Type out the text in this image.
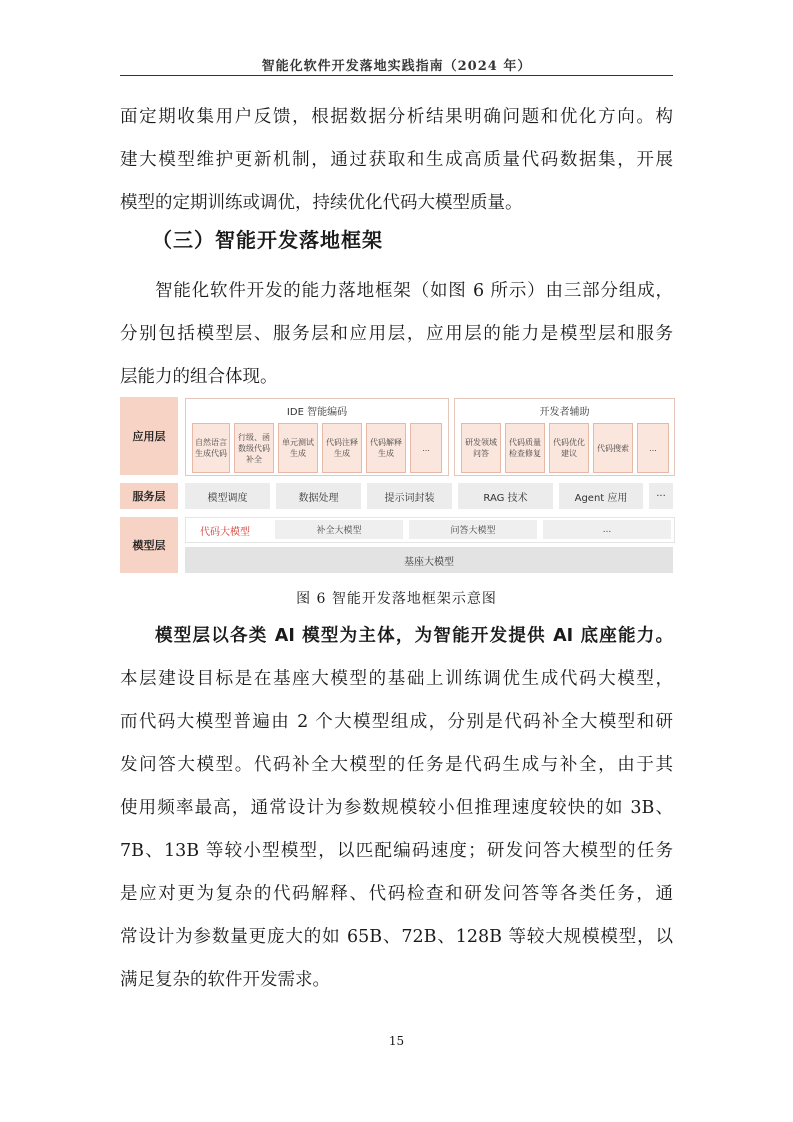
智能化软件开发落地实践指南（2024 年）
面定期收集用户反馈，根据数据分析结果明确问题和优化方向。构
建大模型维护更新机制，通过获取和生成高质量代码数据集，开展
模型的定期训练或调优，持续优化代码大模型质量。
（三）智能开发落地框架
智能化软件开发的能力落地框架（如图 6 所示）由三部分组成，
分别包括模型层、服务层和应用层，应用层的能力是模型层和服务
层能力的组合体现。
应用层
IDE 智能编码
自然语言
生成代码
行级、函
数级代码
补全
单元测试
生成
代码注释
生成
代码解释
生成
...
开发者辅助
研发领域
问答
代码质量
检查修复
代码优化
建议
代码搜索	...
服务层	模型调度	数据处理	提示词封装	RAG 技术	Agent 应用	···
模型层
代码大模型	补全大模型	问答大模型	...
基座大模型
图 6 智能开发落地框架示意图
模型层以各类 AI 模型为主体，为智能开发提供 AI 底座能力。
本层建设目标是在基座大模型的基础上训练调优生成代码大模型，
而代码大模型普遍由 2 个大模型组成，分别是代码补全大模型和研
发问答大模型。代码补全大模型的任务是代码生成与补全，由于其
使用频率最高，通常设计为参数规模较小但推理速度较快的如 3B、
7B、13B 等较小型模型，以匹配编码速度；研发问答大模型的任务
是应对更为复杂的代码解释、代码检查和研发问答等各类任务，通
常设计为参数量更庞大的如 65B、72B、128B 等较大规模模型，以
满足复杂的软件开发需求。
15
